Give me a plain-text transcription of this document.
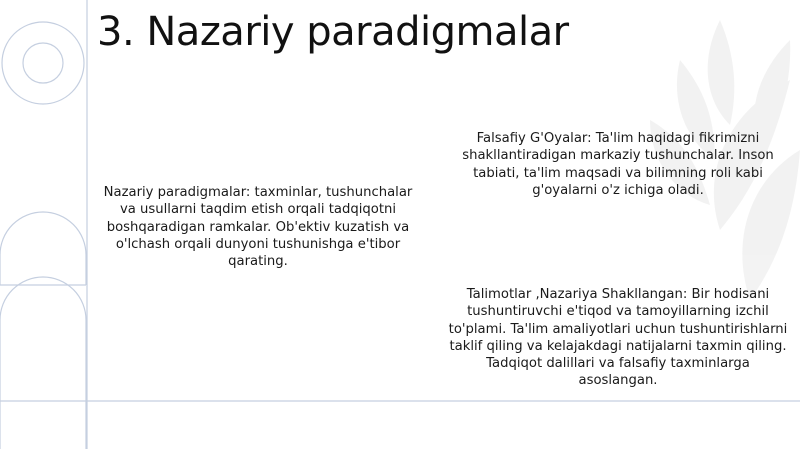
3. Nazariy paradigmalar
Nazariy paradigmalar: taxminlar, tushunchalar va usullarni taqdim etish orqali tadqiqotni boshqaradigan ramkalar. Ob'ektiv kuzatish va o'lchash orqali dunyoni tushunishga e'tibor qarating.
Falsafiy G'Oyalar: Ta'lim haqidagi fikrimizni shakllantiradigan markaziy tushunchalar. Inson tabiati, ta'lim maqsadi va bilimning roli kabi g'oyalarni o'z ichiga oladi.
Talimotlar ,Nazariya Shakllangan: Bir hodisani tushuntiruvchi e'tiqod va tamoyillarning izchil to'plami. Ta'lim amaliyotlari uchun tushuntirishlarni taklif qiling va kelajakdagi natijalarni taxmin qiling. Tadqiqot dalillari va falsafiy taxminlarga asoslangan.
